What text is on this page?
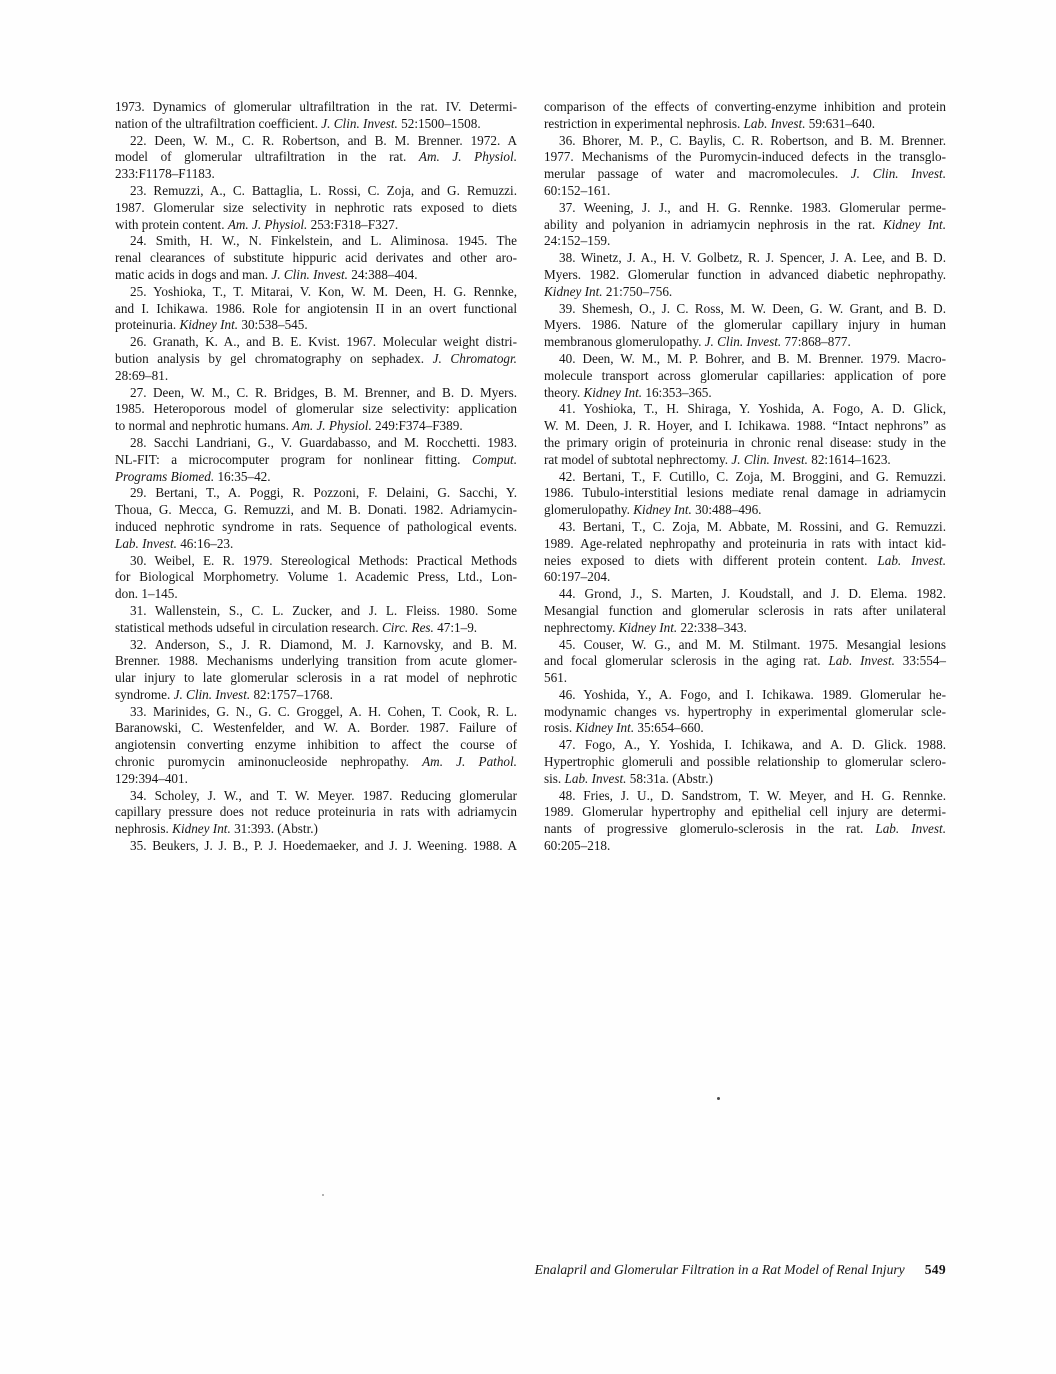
1973. Dynamics of glomerular ultrafiltration in the rat. IV. Determi-
nation of the ultrafiltration coefficient. J. Clin. Invest. 52:1500–1508.
22. Deen, W. M., C. R. Robertson, and B. M. Brenner. 1972. A
model of glomerular ultrafiltration in the rat. Am. J. Physiol.
233:F1178–F1183.
23. Remuzzi, A., C. Battaglia, L. Rossi, C. Zoja, and G. Remuzzi.
1987. Glomerular size selectivity in nephrotic rats exposed to diets
with protein content. Am. J. Physiol. 253:F318–F327.
24. Smith, H. W., N. Finkelstein, and L. Aliminosa. 1945. The
renal clearances of substitute hippuric acid derivates and other aro-
matic acids in dogs and man. J. Clin. Invest. 24:388–404.
25. Yoshioka, T., T. Mitarai, V. Kon, W. M. Deen, H. G. Rennke,
and I. Ichikawa. 1986. Role for angiotensin II in an overt functional
proteinuria. Kidney Int. 30:538–545.
26. Granath, K. A., and B. E. Kvist. 1967. Molecular weight distri-
bution analysis by gel chromatography on sephadex. J. Chromatogr.
28:69–81.
27. Deen, W. M., C. R. Bridges, B. M. Brenner, and B. D. Myers.
1985. Heteroporous model of glomerular size selectivity: application
to normal and nephrotic humans. Am. J. Physiol. 249:F374–F389.
28. Sacchi Landriani, G., V. Guardabasso, and M. Rocchetti. 1983.
NL-FIT: a microcomputer program for nonlinear fitting. Comput.
Programs Biomed. 16:35–42.
29. Bertani, T., A. Poggi, R. Pozzoni, F. Delaini, G. Sacchi, Y.
Thoua, G. Mecca, G. Remuzzi, and M. B. Donati. 1982. Adriamycin-
induced nephrotic syndrome in rats. Sequence of pathological events.
Lab. Invest. 46:16–23.
30. Weibel, E. R. 1979. Stereological Methods: Practical Methods
for Biological Morphometry. Volume 1. Academic Press, Ltd., Lon-
don. 1–145.
31. Wallenstein, S., C. L. Zucker, and J. L. Fleiss. 1980. Some
statistical methods udseful in circulation research. Circ. Res. 47:1–9.
32. Anderson, S., J. R. Diamond, M. J. Karnovsky, and B. M.
Brenner. 1988. Mechanisms underlying transition from acute glomer-
ular injury to late glomerular sclerosis in a rat model of nephrotic
syndrome. J. Clin. Invest. 82:1757–1768.
33. Marinides, G. N., G. C. Groggel, A. H. Cohen, T. Cook, R. L.
Baranowski, C. Westenfelder, and W. A. Border. 1987. Failure of
angiotensin converting enzyme inhibition to affect the course of
chronic puromycin aminonucleoside nephropathy. Am. J. Pathol.
129:394–401.
34. Scholey, J. W., and T. W. Meyer. 1987. Reducing glomerular
capillary pressure does not reduce proteinuria in rats with adriamycin
nephrosis. Kidney Int. 31:393. (Abstr.)
35. Beukers, J. J. B., P. J. Hoedemaeker, and J. J. Weening. 1988. A
comparison of the effects of converting-enzyme inhibition and protein
restriction in experimental nephrosis. Lab. Invest. 59:631–640.
36. Bhorer, M. P., C. Baylis, C. R. Robertson, and B. M. Brenner.
1977. Mechanisms of the Puromycin-induced defects in the transglo-
merular passage of water and macromolecules. J. Clin. Invest.
60:152–161.
37. Weening, J. J., and H. G. Rennke. 1983. Glomerular perme-
ability and polyanion in adriamycin nephrosis in the rat. Kidney Int.
24:152–159.
38. Winetz, J. A., H. V. Golbetz, R. J. Spencer, J. A. Lee, and B. D.
Myers. 1982. Glomerular function in advanced diabetic nephropathy.
Kidney Int. 21:750–756.
39. Shemesh, O., J. C. Ross, M. W. Deen, G. W. Grant, and B. D.
Myers. 1986. Nature of the glomerular capillary injury in human
membranous glomerulopathy. J. Clin. Invest. 77:868–877.
40. Deen, W. M., M. P. Bohrer, and B. M. Brenner. 1979. Macro-
molecule transport across glomerular capillaries: application of pore
theory. Kidney Int. 16:353–365.
41. Yoshioka, T., H. Shiraga, Y. Yoshida, A. Fogo, A. D. Glick,
W. M. Deen, J. R. Hoyer, and I. Ichikawa. 1988. “Intact nephrons” as
the primary origin of proteinuria in chronic renal disease: study in the
rat model of subtotal nephrectomy. J. Clin. Invest. 82:1614–1623.
42. Bertani, T., F. Cutillo, C. Zoja, M. Broggini, and G. Remuzzi.
1986. Tubulo-interstitial lesions mediate renal damage in adriamycin
glomerulopathy. Kidney Int. 30:488–496.
43. Bertani, T., C. Zoja, M. Abbate, M. Rossini, and G. Remuzzi.
1989. Age-related nephropathy and proteinuria in rats with intact kid-
neies exposed to diets with different protein content. Lab. Invest.
60:197–204.
44. Grond, J., S. Marten, J. Koudstall, and J. D. Elema. 1982.
Mesangial function and glomerular sclerosis in rats after unilateral
nephrectomy. Kidney Int. 22:338–343.
45. Couser, W. G., and M. M. Stilmant. 1975. Mesangial lesions
and focal glomerular sclerosis in the aging rat. Lab. Invest. 33:554–
561.
46. Yoshida, Y., A. Fogo, and I. Ichikawa. 1989. Glomerular he-
modynamic changes vs. hypertrophy in experimental glomerular scle-
rosis. Kidney Int. 35:654–660.
47. Fogo, A., Y. Yoshida, I. Ichikawa, and A. D. Glick. 1988.
Hypertrophic glomeruli and possible relationship to glomerular sclero-
sis. Lab. Invest. 58:31a. (Abstr.)
48. Fries, J. U., D. Sandstrom, T. W. Meyer, and H. G. Rennke.
1989. Glomerular hypertrophy and epithelial cell injury are determi-
nants of progressive glomerulo-sclerosis in the rat. Lab. Invest.
60:205–218.
Enalapril and Glomerular Filtration in a Rat Model of Renal Injury 549
